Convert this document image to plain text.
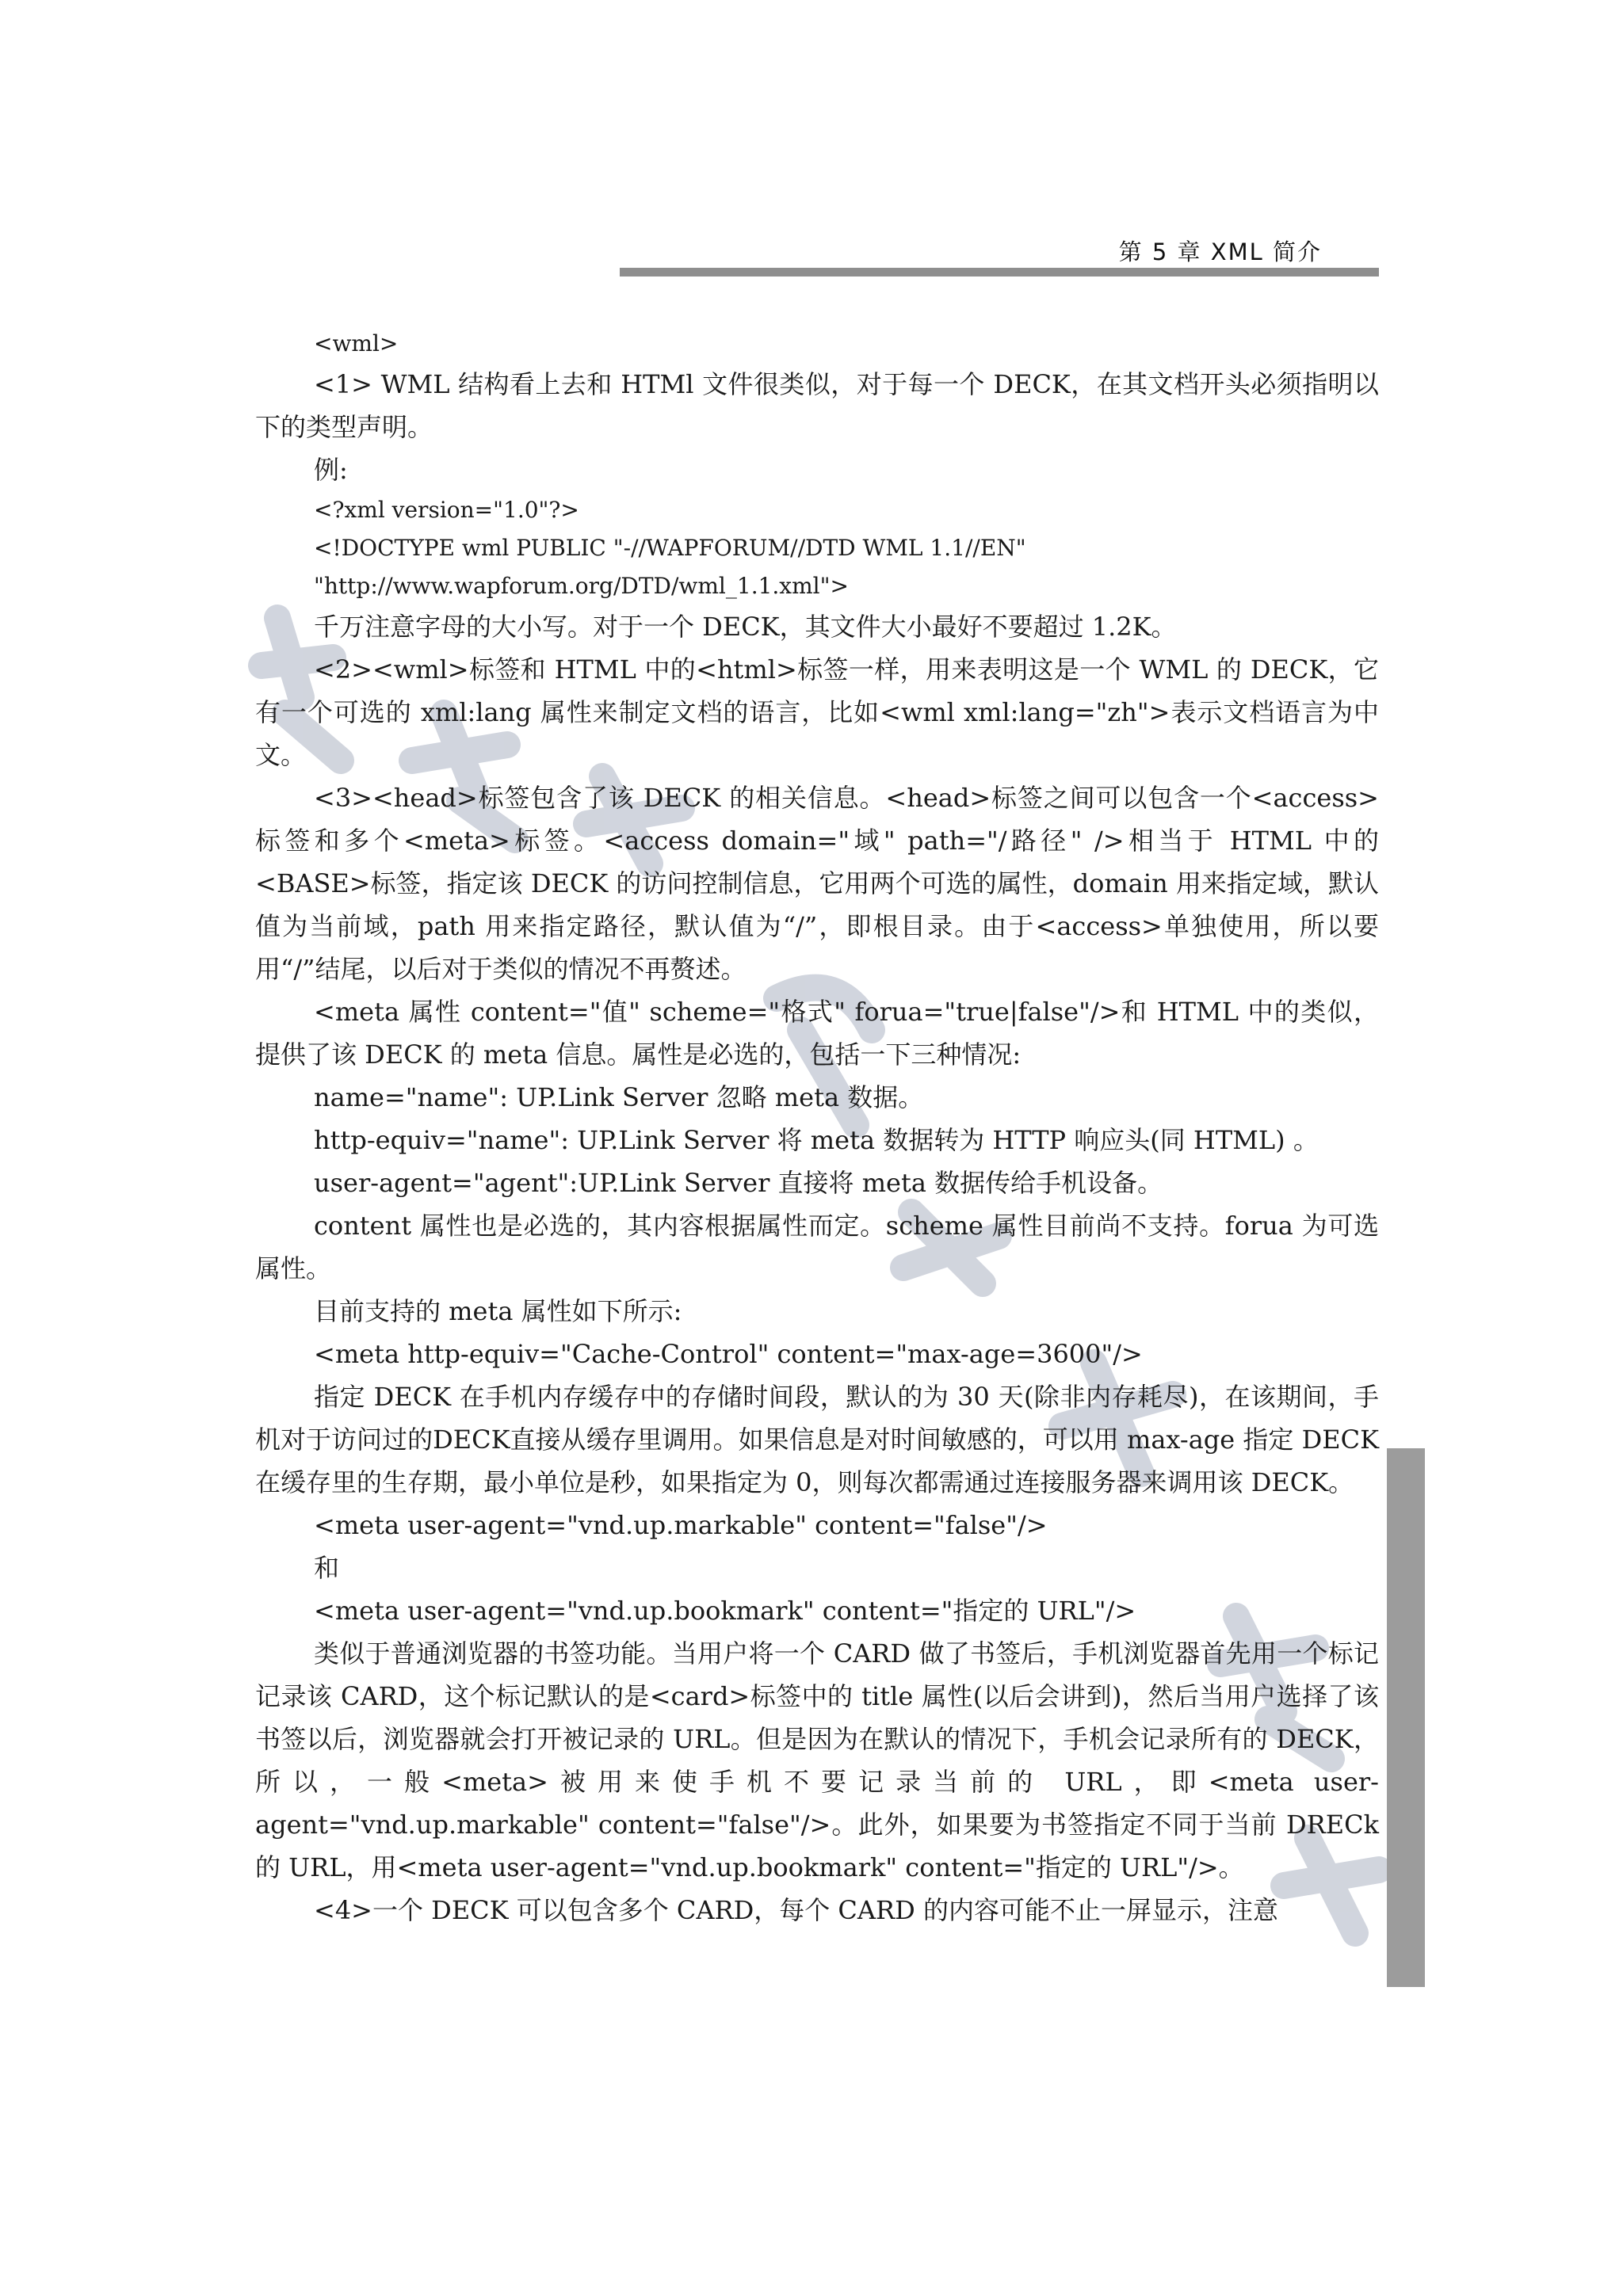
第 5 章 XML 简介

<wml>

<1> WML 结构看上去和 HTMl 文件很类似，对于每一个 DECK，在其文档开头必须指明以下的类型声明。

例:

<?xml version="1.0"?>

<!DOCTYPE wml PUBLIC "-//WAPFORUM//DTD WML 1.1//EN"

"http://www.wapforum.org/DTD/wml_1.1.xml">

千万注意字母的大小写。对于一个 DECK，其文件大小最好不要超过 1.2K。

<2><wml>标签和 HTML 中的<html>标签一样，用来表明这是一个 WML 的 DECK，它有一个可选的 xml:lang 属性来制定文档的语言，比如<wml xml:lang="zh">表示文档语言为中文。

<3><head>标签包含了该 DECK 的相关信息。<head>标签之间可以包含一个<access>标签和多个<meta>标签。<access domain="域" path="/路径" />相当于 HTML 中的<BASE>标签，指定该 DECK 的访问控制信息，它用两个可选的属性，domain 用来指定域，默认值为当前域，path 用来指定路径，默认值为“/”，即根目录。由于<access>单独使用，所以要用“/”结尾，以后对于类似的情况不再赘述。

<meta 属性 content="值" scheme="格式" forua="true|false"/>和 HTML 中的类似，提供了该 DECK 的 meta 信息。属性是必选的，包括一下三种情况:

name="name": UP.Link Server 忽略 meta 数据。

http-equiv="name": UP.Link Server 将 meta 数据转为 HTTP 响应头(同 HTML) 。

user-agent="agent":UP.Link Server 直接将 meta 数据传给手机设备。

content 属性也是必选的，其内容根据属性而定。scheme 属性目前尚不支持。forua 为可选属性。

目前支持的 meta 属性如下所示:

<meta http-equiv="Cache-Control" content="max-age=3600"/>

指定 DECK 在手机内存缓存中的存储时间段，默认的为 30 天(除非内存耗尽)，在该期间，手机对于访问过的DECK直接从缓存里调用。如果信息是对时间敏感的，可以用 max-age 指定 DECK 在缓存里的生存期，最小单位是秒，如果指定为 0，则每次都需通过连接服务器来调用该 DECK。

<meta user-agent="vnd.up.markable" content="false"/>

和

<meta user-agent="vnd.up.bookmark" content="指定的 URL"/>

类似于普通浏览器的书签功能。当用户将一个 CARD 做了书签后，手机浏览器首先用一个标记记录该 CARD，这个标记默认的是<card>标签中的 title 属性(以后会讲到)，然后当用户选择了该书签以后，浏览器就会打开被记录的 URL。但是因为在默认的情况下，手机会记录所有的 DECK，所以，一般<meta>被用来使手机不要记录当前的 URL，即<meta user-agent="vnd.up.markable" content="false"/>。此外，如果要为书签指定不同于当前 DRECk 的 URL，用<meta user-agent="vnd.up.bookmark" content="指定的 URL"/>。

<4>一个 DECK 可以包含多个 CARD，每个 CARD 的内容可能不止一屏显示，注意
